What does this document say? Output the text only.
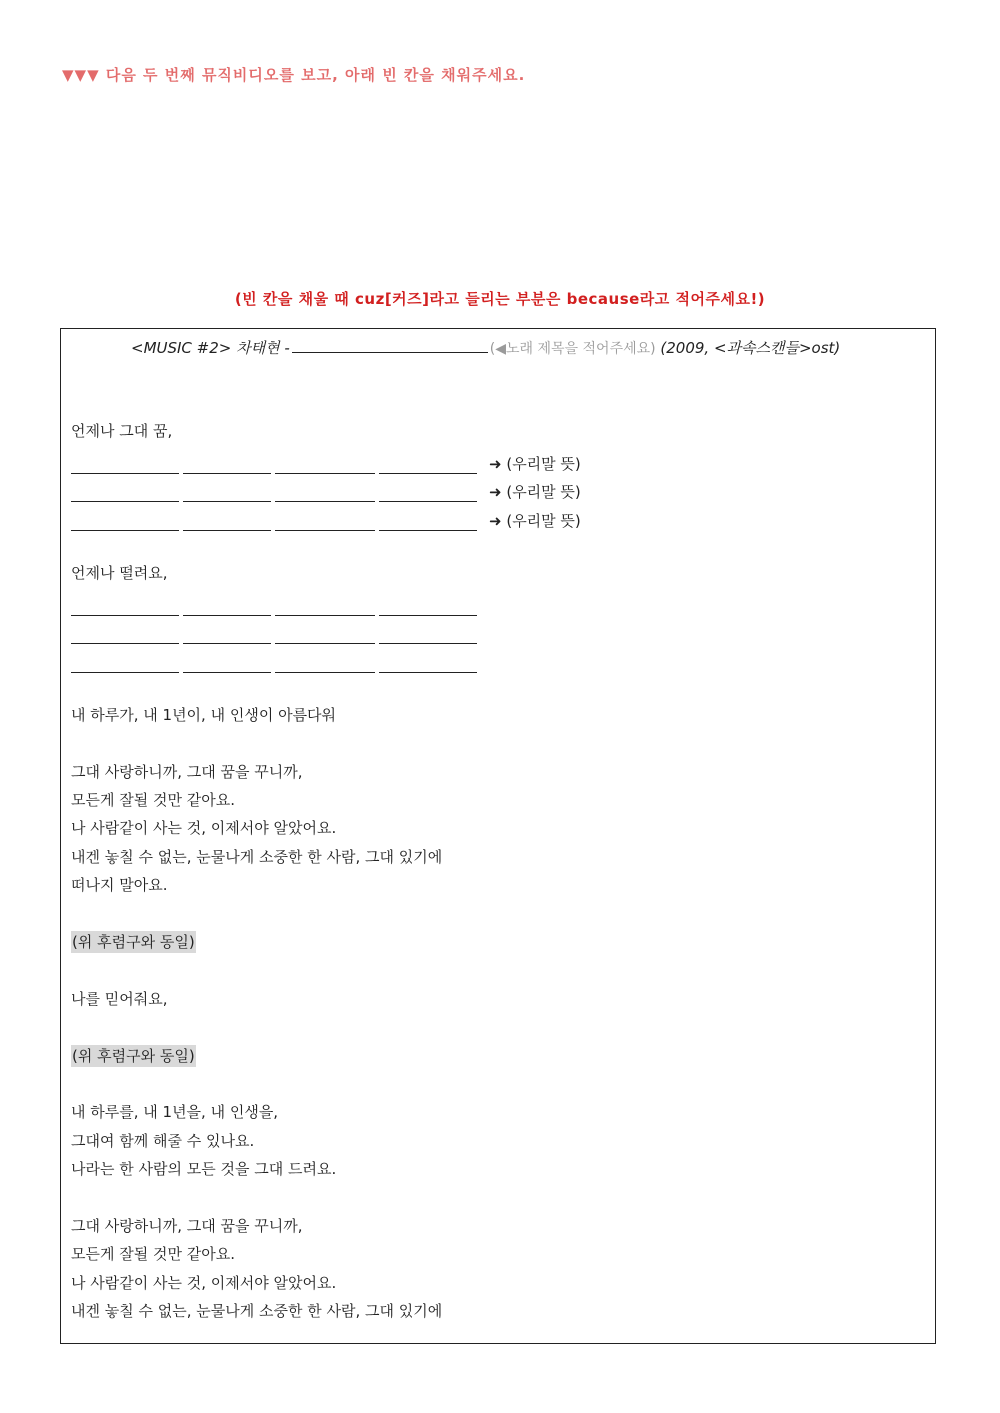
▼▼▼ 다음 두 번째 뮤직비디오를 보고, 아래 빈 칸을 채워주세요.
(빈 칸을 채울 때 cuz[커즈]라고 들리는 부분은 because라고 적어주세요!)
<MUSIC #2> 차태현 -	(◀노래 제목을 적어주세요) (2009, <과속스캔들>ost)
언제나 그대 꿈,
➜ (우리말 뜻)
➜ (우리말 뜻)
➜ (우리말 뜻)
언제나 떨려요,
내 하루가, 내 1년이, 내 인생이 아름다워
그대 사랑하니까, 그대 꿈을 꾸니까,
모든게 잘될 것만 같아요.
나 사람같이 사는 것, 이제서야 알았어요.
내겐 놓칠 수 없는, 눈물나게 소중한 한 사람, 그대 있기에
떠나지 말아요.
(위 후렴구와 동일)
나를 믿어줘요,
(위 후렴구와 동일)
내 하루를, 내 1년을, 내 인생을,
그대여 함께 해줄 수 있나요.
나라는 한 사람의 모든 것을 그대 드려요.
그대 사랑하니까, 그대 꿈을 꾸니까,
모든게 잘될 것만 같아요.
나 사람같이 사는 것, 이제서야 알았어요.
내겐 놓칠 수 없는, 눈물나게 소중한 한 사람, 그대 있기에
